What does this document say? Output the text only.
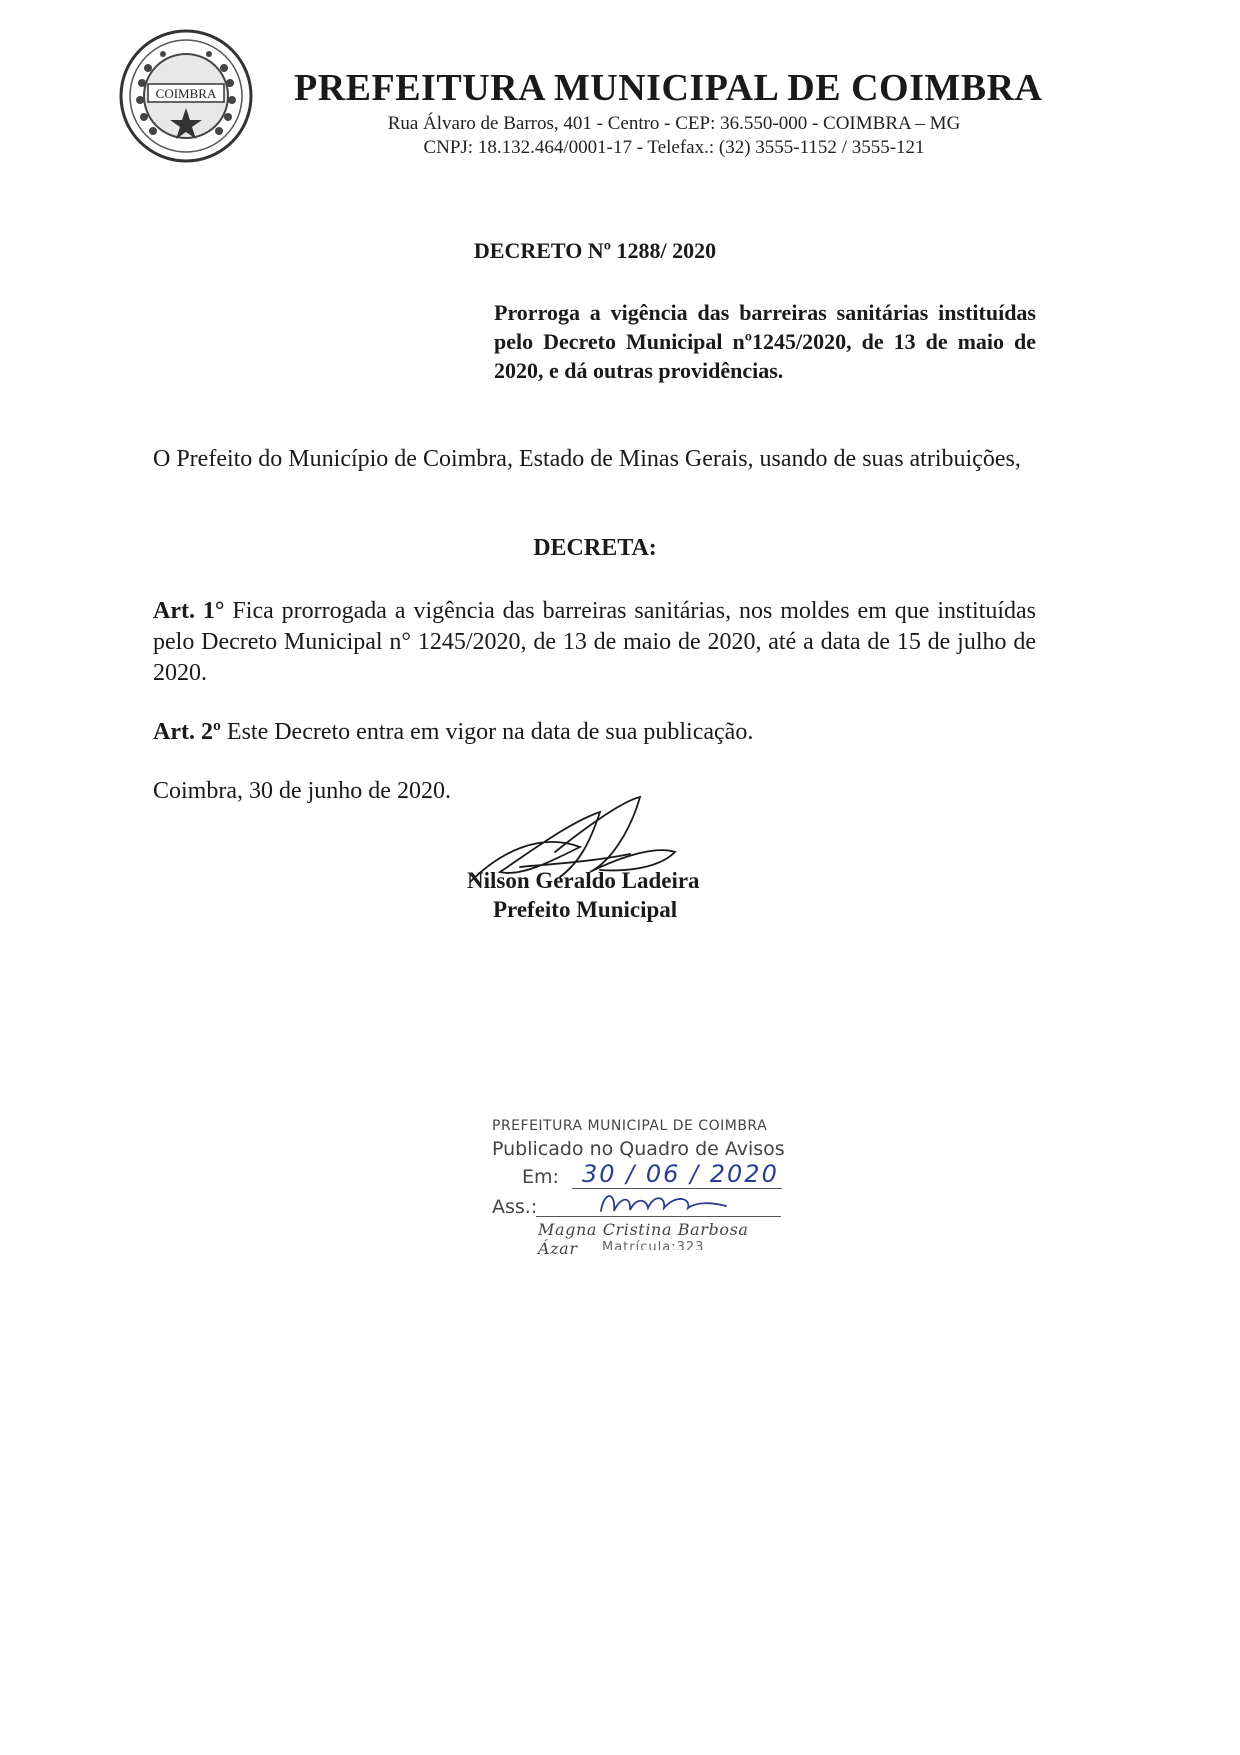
COIMBRA PREFEITURA MUNICIPAL DE COIMBRA
Rua Álvaro de Barros, 401 - Centro - CEP: 36.550-000 - COIMBRA – MG
CNPJ: 18.132.464/0001-17 - Telefax.: (32) 3555-1152 / 3555-121
DECRETO Nº 1288/ 2020
Prorroga a vigência das barreiras sanitárias instituídas pelo Decreto Municipal nº1245/2020, de 13 de maio de 2020, e dá outras providências.
O Prefeito do Município de Coimbra, Estado de Minas Gerais, usando de suas atribuições,
DECRETA:
Art. 1° Fica prorrogada a vigência das barreiras sanitárias, nos moldes em que instituídas pelo Decreto Municipal n° 1245/2020, de 13 de maio de 2020, até a data de 15 de julho de 2020.
Art. 2º Este Decreto entra em vigor na data de sua publicação.
Coimbra, 30 de junho de 2020.
Nilson Geraldo Ladeira
Prefeito Municipal
PREFEITURA MUNICIPAL DE COIMBRA
Publicado no Quadro de Avisos
Em: 30 / 06 / 2020
Ass.:
Magna Cristina Barbosa Ázar	Matrícula:323
